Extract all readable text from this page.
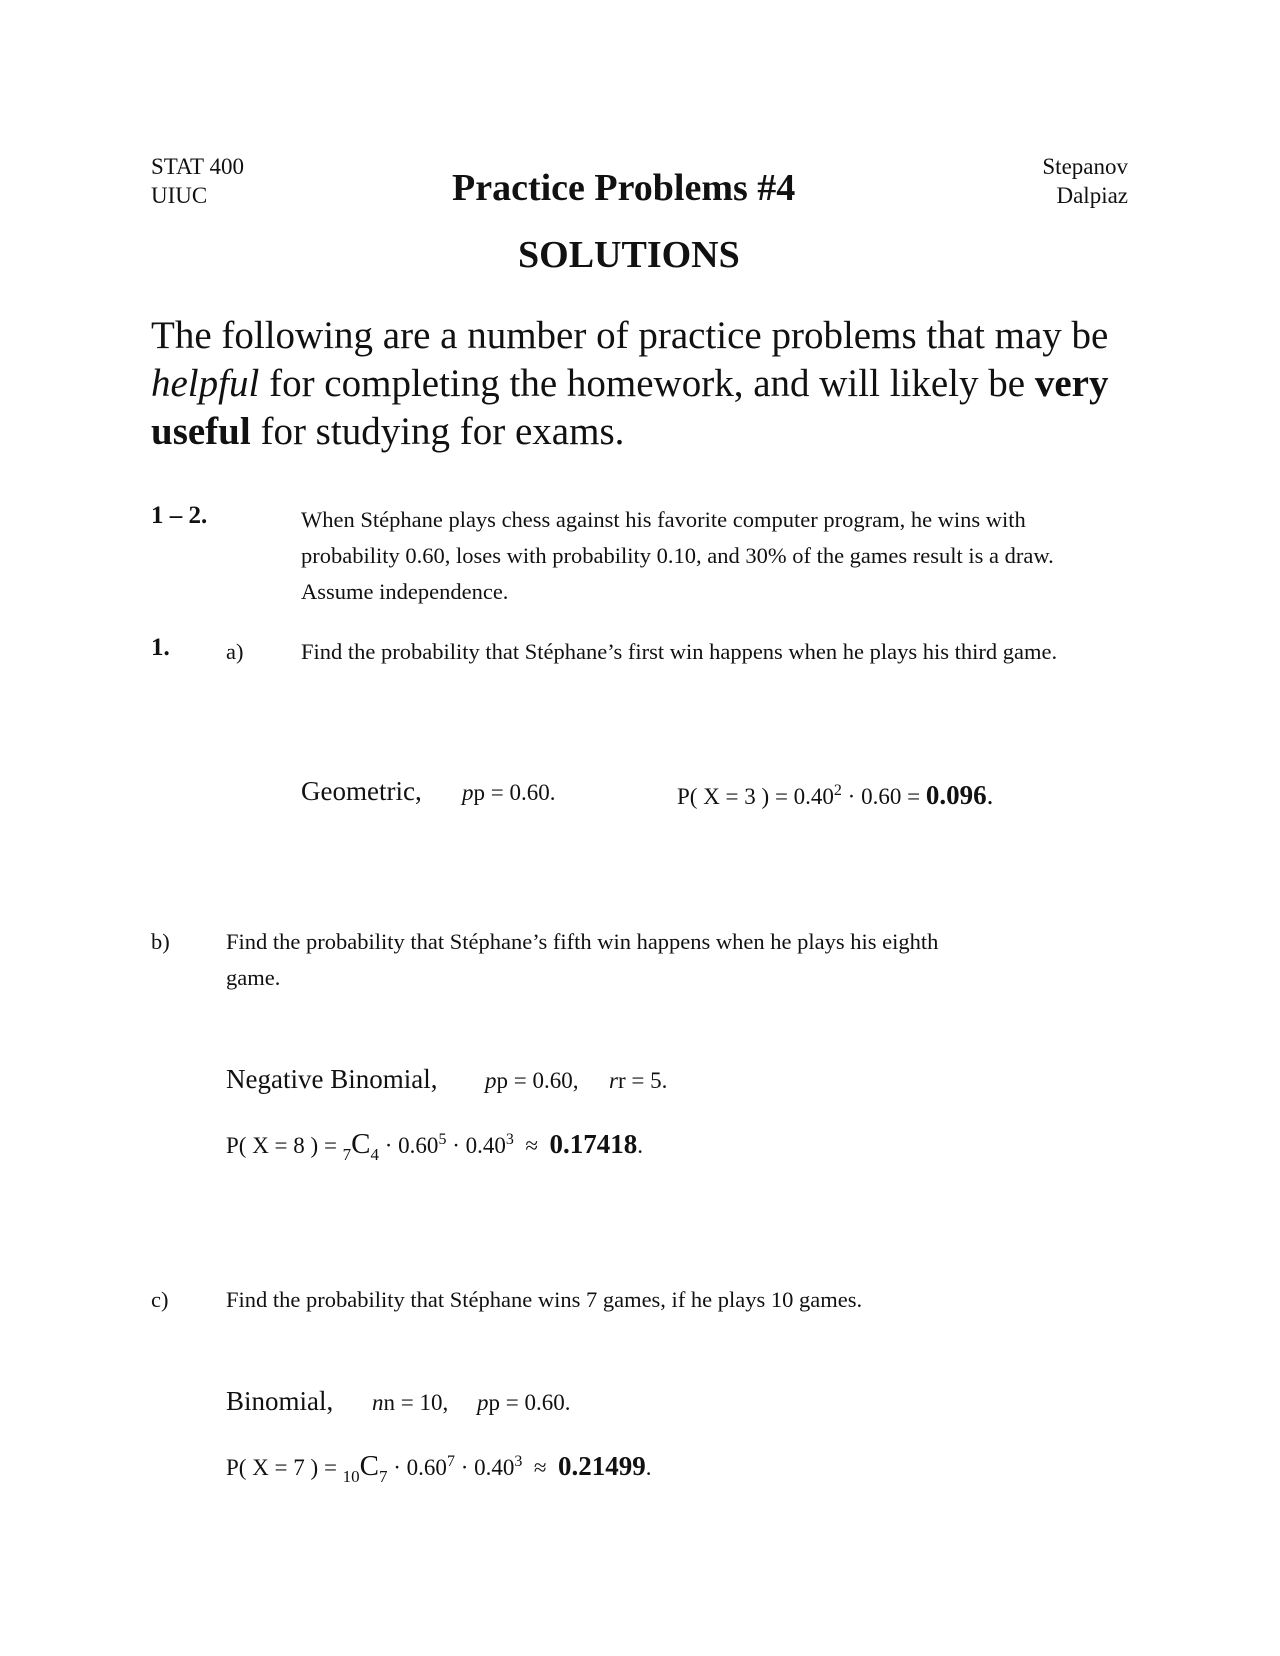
STAT 400
UIUC	Practice Problems #4
SOLUTIONS
Stepanov
Dalpiaz
The following are a number of practice problems that may be helpful for completing the homework, and will likely be very useful for studying for exams.
1 – 2.	When Stéphane plays chess against his favorite computer program, he wins with probability 0.60, loses with probability 0.10, and 30% of the games result is a draw. Assume independence.
1.	a)	Find the probability that Stéphane’s first win happens when he plays his third game.
Geometric, pp = 0.60.	P( X = 3 ) = $0.40^2 \cdot 0.60 = 0.096$.
b)	Find the probability that Stéphane’s fifth win happens when he plays his eighth game.
Negative Binomial, pp = 0.60, rr = 5.
P( X = 8 ) = $_7C_4 \cdot 0.60^5 \cdot 0.40^3 \approx 0.17418$.
c)	Find the probability that Stéphane wins 7 games, if he plays 10 games.
Binomial, nn = 10, pp = 0.60.
P( X = 7 ) = $_{10}C_7 \cdot 0.60^7 \cdot 0.40^3 \approx 0.21499$.
